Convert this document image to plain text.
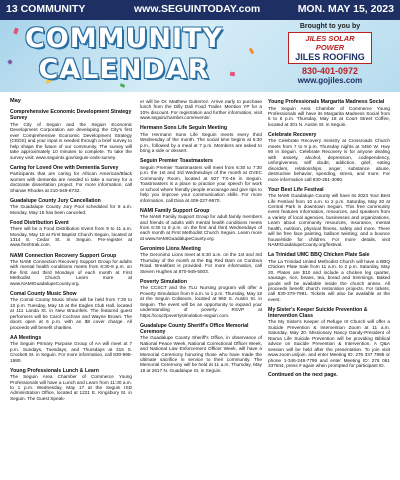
13 COMMUNITY	www.SEGUINTODAY.com	MON. MAY 15, 2023
COMMUNITY
CALENDAR
Brought to you by
JILES SOLAR POWER
JILES ROOFING
830-401-0972
www.gojiles.com
May
Comprehensive Economic Development Strategy Survey

The City of Seguin and the Seguin Economic Development Corporation are developing the City's first ever Comprehensive Economic Development Strategy (CEDS) and your input is needed through a brief survey to help shape the future of our community. The survey will take approximately 10 minutes to complete. To take the survey visit: www.seguintx.gov/seguin-ceds-survey.

Caring for Loved One with Dementia Survey

Participants that are caring for African American/Black women with dementia are needed to take a survey for a doctorate dissertation project. For more information, call Shanae Rhodes at 210-549-8732.

Guadalupe County Jury Cancellation

The Guadalupe County Jury Pool scheduled for 8 a.m. Monday, May 15 has been canceled.

Food Distribution Event

There will be a Food Distribution Event from 9 to 11 a.m. Monday, May 15 at First Baptist Church Seguin, located at 1314 E. Cedar St. in Seguin. Pre-register at www.freshtrak.com.

NAMI Connection Recovery Support Group

The NAMI Connection Recovery Support Group for adults with mental health conditions meets from 6:30-8 p.m. on the first and third Mondays of each month at First Methodist Church. Learn more at www.NAMIGuadalupeCounty.org.

Comal County Music Show

The Comal County Music Show will be held from 7:30 to 10 p.m. Tuesday, May 16 at the Eagles Club Hall, located at 111 Landa St. in New Braunfels. The featured guest performers will be Carol Cochran and Wayne Brown. The doors open at 6 p.m. with an $8 cover charge. All proceeds will benefit charities.

AA Meetings

The Seguin Primary Purpose Group of AA will meet at 7 p.m. Sundays, Tuesdays, and Thursdays at 315 S. Crockett St. in Seguin. For more information, call 830-995-1980.

Young Professionals Lunch & Learn

The Seguin Area Chamber of Commerce Young Professionals will have a Lunch and Learn from 11:30 a.m. to 1 p.m. Wednesday, May 17 at the Seguin ISD Administration Office, located at 1221 E. Kingsbury St. in Seguin. The Guest Speak-

er will be Dr. Matthew Gutierrez. Arrive early to purchase lunch from the Dilly Dali Food Trailer. Mention YP for a 10% discount. For registration and further information, visit www.seguinchamber.com/events/.

Hermann Sons Life Seguin Meeting

The Hermann Sons Life Seguin meets every third Wednesday of the month. The social time begins at 6:30 p.m., followed by a meal at 7 p.m. Members are asked to bring a side or dessert.

Seguin Premier Toastmasters

Seguin Premier Toastmasters will meet from 6:30 to 7:30 p.m. the 1st and 3rd Wednesdays of the month at GVEC Community Room, located at 927 TX-46 in Seguin. Toastmasters is a place to practice your speech for work or school where friendly people encourage and give tips to help you improve your communication skills. For more information, call Dina at 409-227-9670.

NAMI Family Support Group

The NAMI Family Support Group for adult family members and friends of adults with mental health conditions meets from 6:30 to 8 p.m. on the first and third Wednesdays of each month at First Methodist Church Seguin. Learn more at www.NAMIGuadalupeCounty.org.

Geronimo Lions Meeting

The Geronimo Lions meet at 6:30 a.m. on the 1st and 3rd Thursday of the month at the Big Red Barn on Cordova Road. Breakfast is provided. For more information, call Steven Hughes at 870-949-5003.

Poverty Simulation

The CCSCT and the TLU Nursing program will offer a Poverty Simulation from 9 a.m. to 1 p.m. Thursday, May 18 at the Seguin Coliseum, located at 950 S. Austin St. in Seguin. The event will be an opportunity to expand your understanding of poverty. RSVP at https://ccsct/povertysimulation-seguin.com.

Guadalupe County Sheriff's Office Memorial Ceremony

The Guadalupe County Sheriff's Office, in observance of National Peace Week, National Correctional Officer Week, and National Law Enforcement Officer Week, will have a Memorial Ceremony honoring those who have made the ultimate sacrifice in service to their community. The Memorial Ceremony will be held at 11 a.m. Thursday, May 18 at 2617 N. Guadalupe St. in Seguin.

Young Professionals Margarita Madness Social

The Seguin Area Chamber of Commerce Young Professionals will have its Margarita Madness Social from 5 to 6 p.m. Thursday, May 18 at Court Street Coffee, located at 301 N. Austin St. in Seguin.

Celebrate Recovery

The Celebrate Recovery ministry at Crossroads Church meets from 7 to 9 p.m. Thursday nights at 3450 W. Hwy 90 in Seguin. Celebrate Recovery is for anyone dealing with anxiety, alcohol, depression, codependency, unforgiveness, self doubt, addiction, grief, eating disorders, relationships, anger, substance abuse, destructive behavior, spending, stress, and more. For more information call 830-251-3080.

Your Best Life Festival

The NAMI Guadalupe County will have its 2023 Your Best Life Festival from 10 a.m. to 2 p.m. Saturday, May 20 at Central Park in downtown Seguin. This free community event features information, resources, and speakers from a variety of local agencies, businesses and organizations. Learn about community resources, insurance, mental health, nutrition, physical fitness, safety and more. There will be free face painting, balloon twisting, and a bounce house/slide for children. For more details, visit NAMIGuadalupeCounty.org/festival.

La Trinidad UMC BBQ Chicken Plate Sale

The La Trinidad United Methodist Church will have a BBQ Chicken Plate Sale from 11 a.m. to 2 p.m. Saturday, May 20. Plates are $10 and include a chicken leg quarter, sausage, rice, beans, tea, bread and trimmings. Baked goods will be available inside the church annex. All proceeds benefit church restoration projects. For tickets, call 830-379-7991. Tickets will also be available at the event.

My Sister's Keeper Suicide Prevention & Intervention Class

The My Sister's Keeper of Refuge III Church will offer a Suicide Prevention & Intervention Zoom at 11 a.m. Saturday, May 20. Missionary Nancy Dandy-President of Ntuma Life Suicide Prevention will be providing Biblical advice on Suicide Prevention & Intervention. A Q&A session will be held after the presentation. To join visit www.zoom.us/join. and enter Meeting ID: 276 337 7995 or phone 1-346-248-7799 and enter Meeting ID: 276 061 337844, press # again when prompted for participant ID.

Continued on the next page.
